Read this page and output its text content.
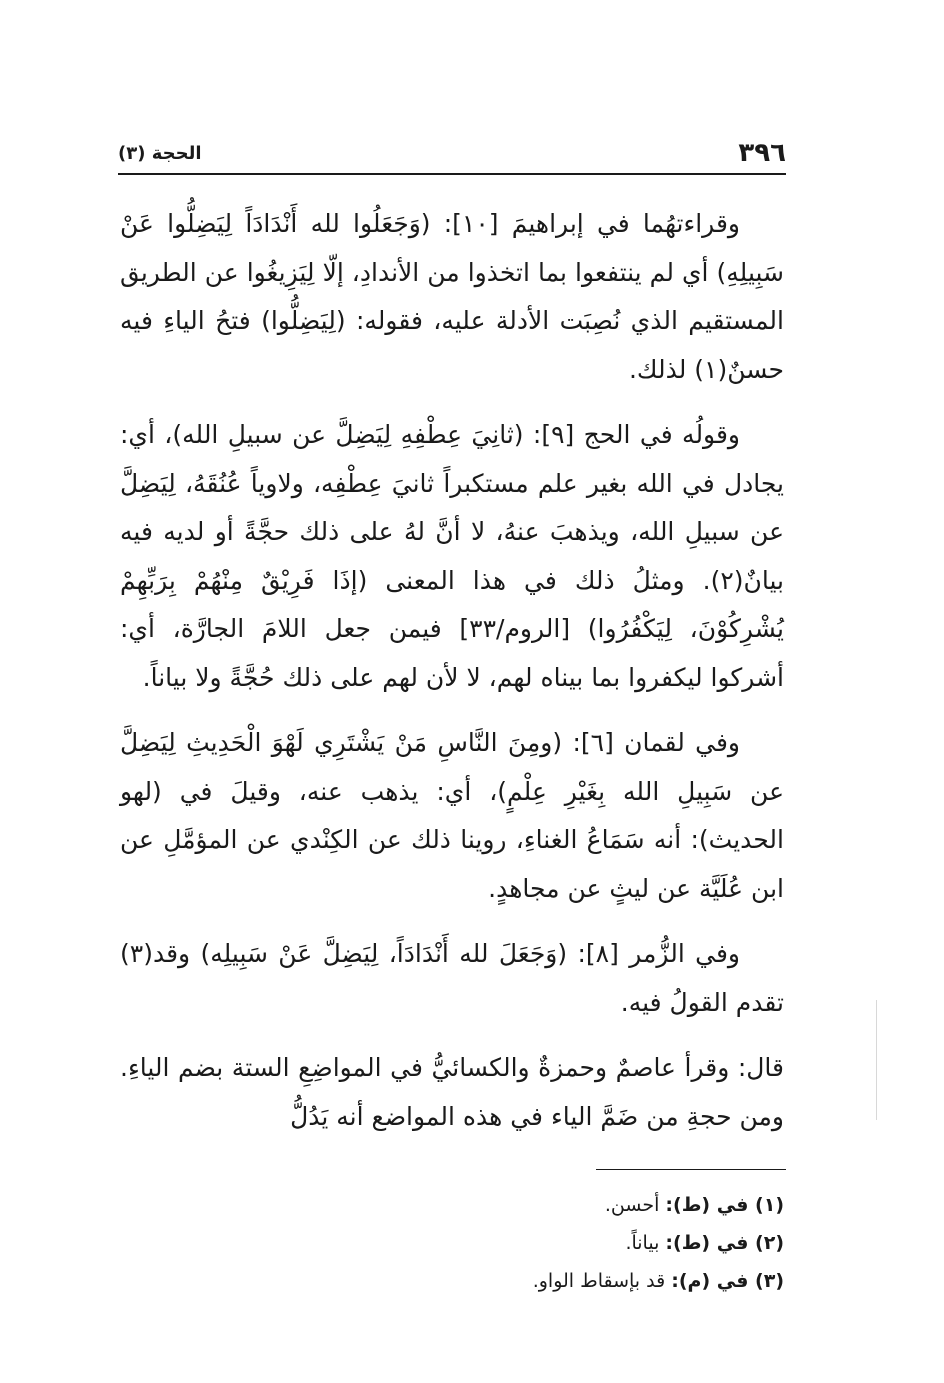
٣٩٦
الحجة (٣)

وقراءتهُما في إبراهيمَ [١٠]: (وَجَعَلُوا لله أَنْدَادَاً لِيَضِلُّوا عَنْ سَبِيلِهِ) أي لم ينتفعوا بما اتخذوا من الأندادِ، إلّا لِيَزِيغُوا عن الطريق المستقيم الذي نُصِبَت الأدلة عليه، فقوله: (لِيَضِلُّوا) فتحُ الياءِ فيه حسنٌ(١) لذلك.

وقولُه في الحج [٩]: (ثانِيَ عِطْفِهِ لِيَضِلَّ عن سبيلِ الله)، أي: يجادل في الله بغير علم مستكبراً ثانيَ عِطْفِه، ولاوياً عُنُقَهُ، لِيَضِلَّ عن سبيلِ الله، ويذهبَ عنهُ، لا أنَّ لهُ على ذلك حجَّةً أو لديه فيه بيانٌ(٢). ومثلُ ذلك في هذا المعنى (إذَا فَرِيْقٌ مِنْهُمْ بِرَبِّهِمْ يُشْرِكُوْنَ، لِيَكْفُرُوا) [الروم/٣٣] فيمن جعل اللامَ الجارَّة، أي: أشركوا ليكفروا بما بيناه لهم، لا لأن لهم على ذلك حُجَّةً ولا بياناً.

وفي لقمان [٦]: (ومِنَ النَّاسِ مَنْ يَشْتَرِي لَهْوَ الْحَدِيثِ لِيَضِلَّ عن سَبِيلِ الله بِغَيْرِ عِلْمٍ)، أي: يذهب عنه، وقيلَ في (لهو الحديث): أنه سَمَاعُ الغناءِ، روينا ذلك عن الكِنْدي عن المؤمَّلِ عن ابن عُلَيَّة عن ليثٍ عن مجاهدٍ.

وفي الزُّمر [٨]: (وَجَعَلَ لله أَنْدَادَاً، لِيَضِلَّ عَنْ سَبِيلِه) وقد(٣) تقدم القولُ فيه.

قال: وقرأ عاصمٌ وحمزةٌ والكسائيُّ في المواضِعِ الستة بضم الياءِ. ومن حجةِ من ضَمَّ الياء في هذه المواضع أنه يَدُلُّ

(١) في (ط): أحسن.

(٢) في (ط): بياناً.

(٣) في (م): قد بإسقاط الواو.
